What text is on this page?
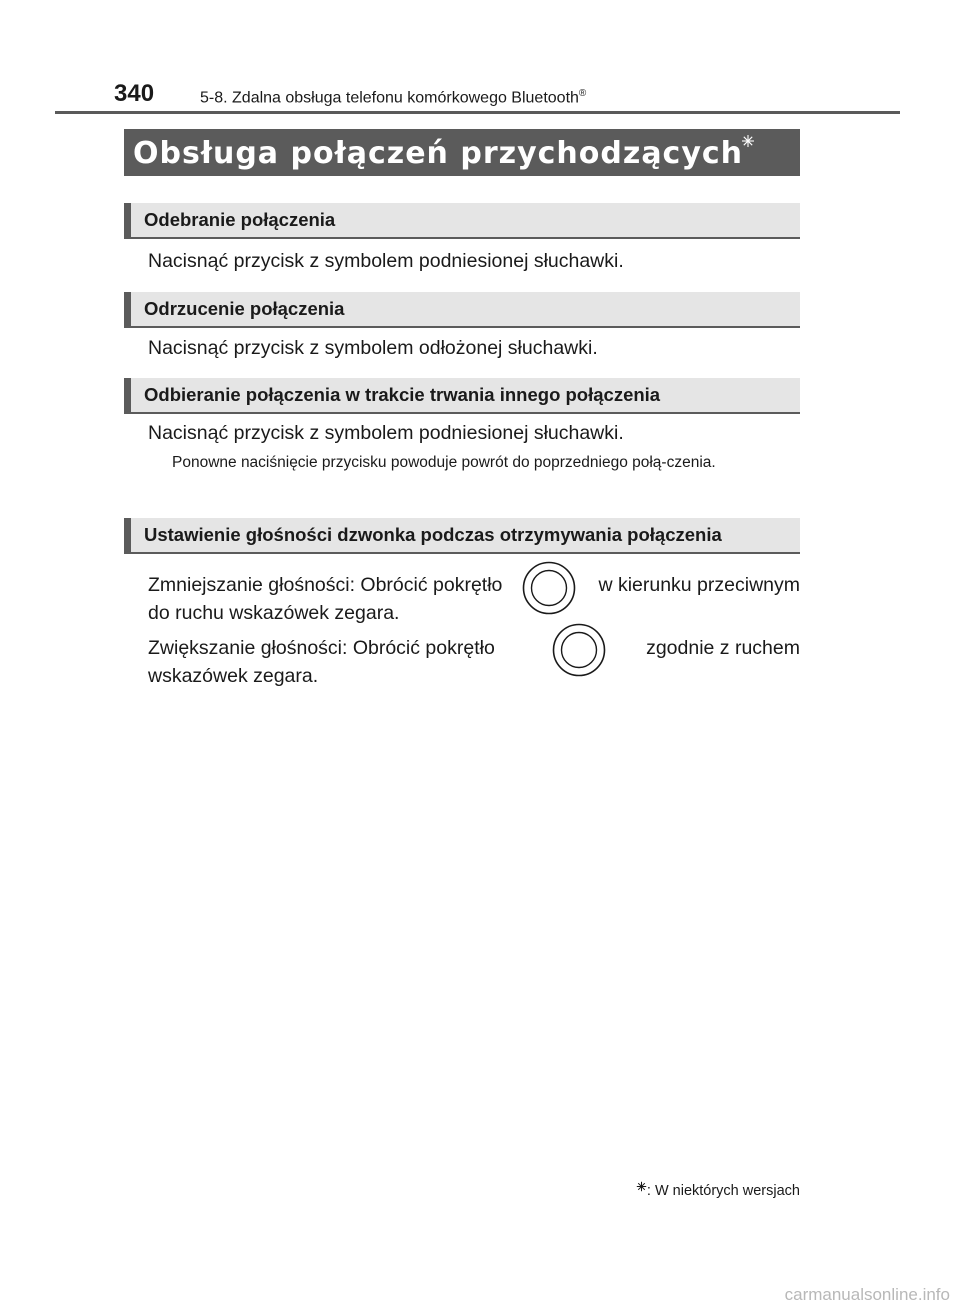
340	5-8. Zdalna obsługa telefonu komórkowego Bluetooth®
Obsługa połączeń przychodzących
Odebranie połączenia
Nacisnąć przycisk z symbolem podniesionej słuchawki.
Odrzucenie połączenia
Nacisnąć przycisk z symbolem odłożonej słuchawki.
Odbieranie połączenia w trakcie trwania innego połączenia
Nacisnąć przycisk z symbolem podniesionej słuchawki.
Ponowne naciśnięcie przycisku powoduje powrót do poprzedniego połą-czenia.
Ustawienie głośności dzwonka podczas otrzymywania połączenia
Zmniejszanie głośności: Obrócić pokrętło	w kierunku przeciwnym
do ruchu wskazówek zegara.
Zwiększanie głośności: Obrócić pokrętło	zgodnie z ruchem
wskazówek zegara.
: W niektórych wersjach
carmanualsonline.info
